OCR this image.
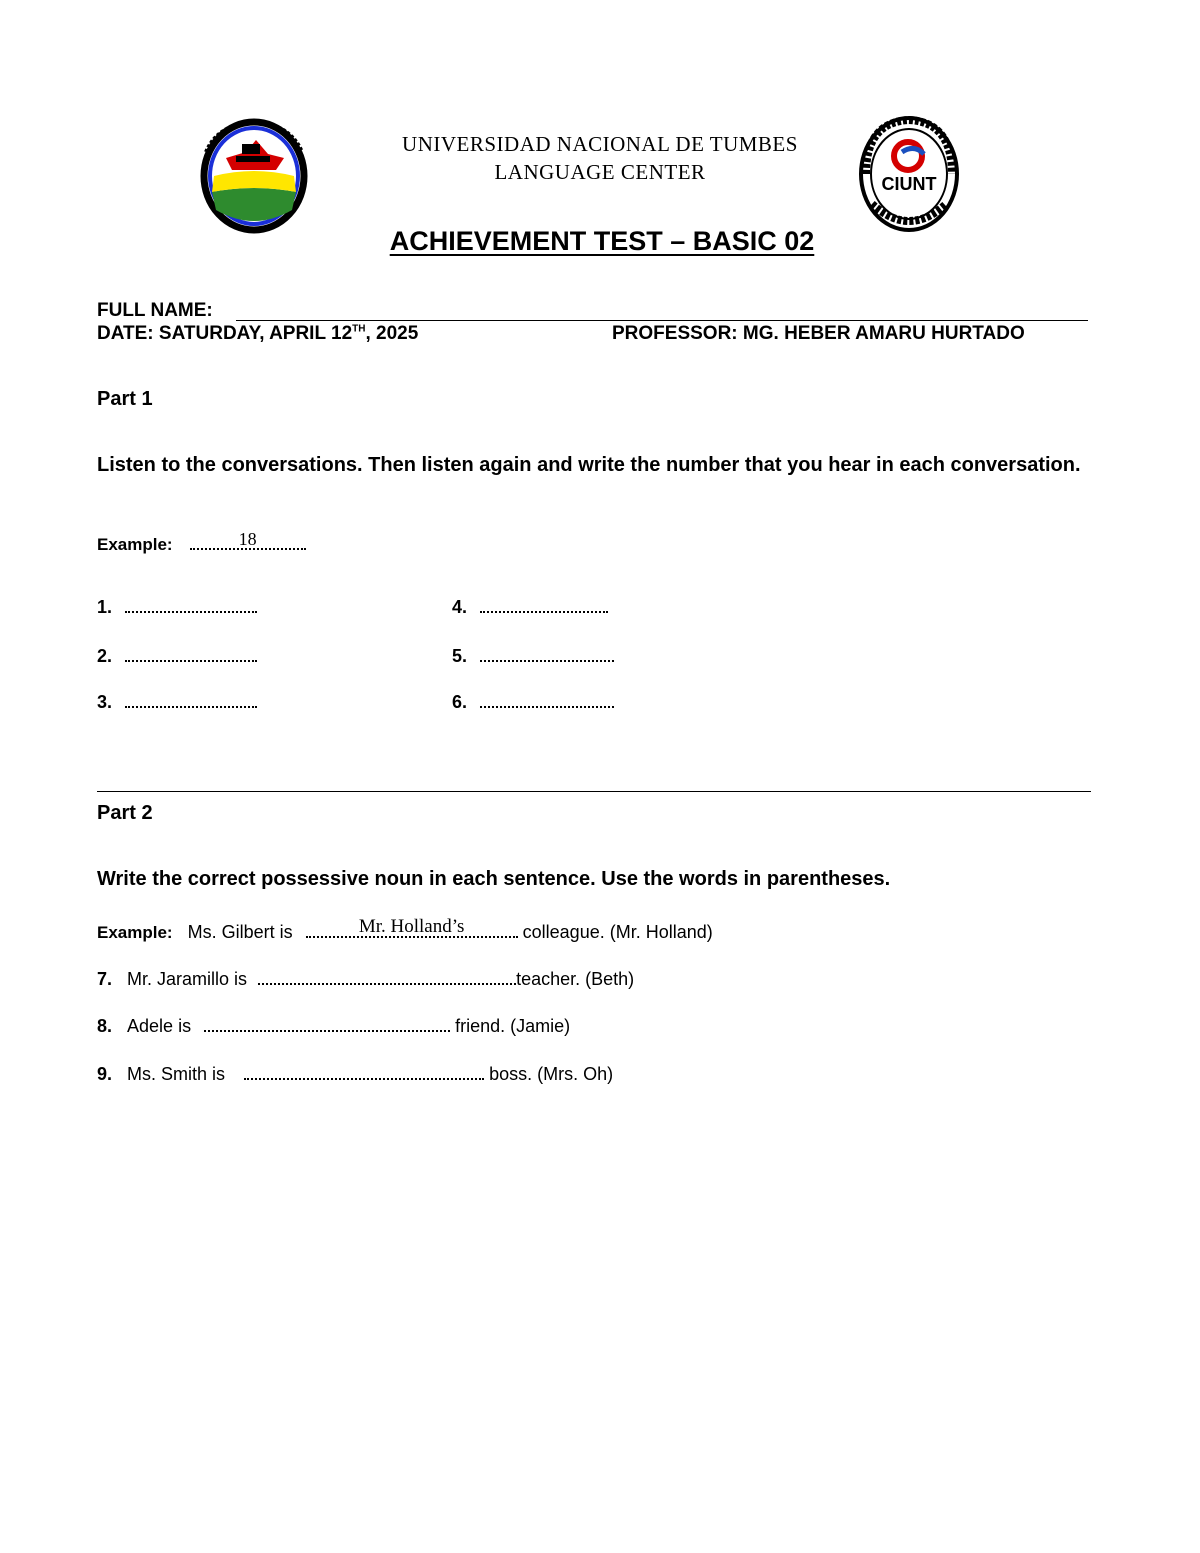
UNIVERSIDAD NACIONAL DE TUMBES
LANGUAGE CENTER	CIUNT
ACHIEVEMENT TEST – BASIC 02
FULL NAME:
DATE: SATURDAY, APRIL 12TH, 2025	PROFESSOR: MG. HEBER AMARU HURTADO
Part 1
Listen to the conversations. Then listen again and write the number that you hear in each conversation.
Example:	18
1.
2.
3.
4.
5.
6.
Part 2
Write the correct possessive noun in each sentence. Use the words in parentheses.
Example: Ms. Gilbert is	Mr. Holland’s	colleague. (Mr. Holland)
7. Mr. Jaramillo is	teacher. (Beth)
8. Adele is	friend. (Jamie)
9. Ms. Smith is	boss. (Mrs. Oh)
